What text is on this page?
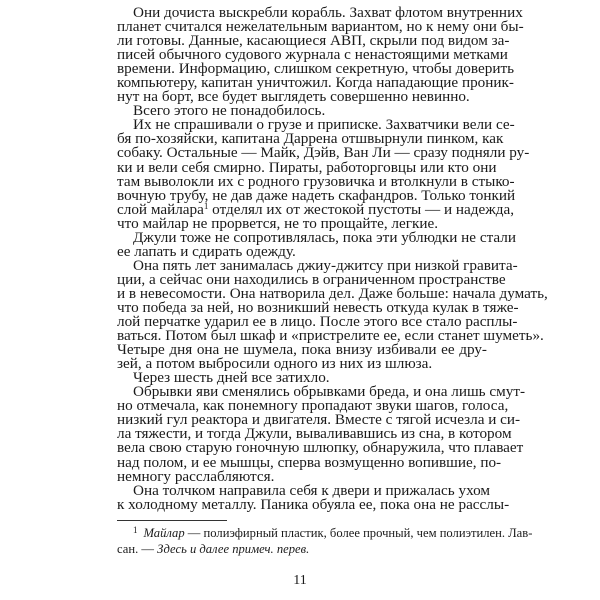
Они дочиста выскребли корабль. Захват флотом внутренних
планет считался нежелательным вариантом, но к нему они бы-
ли готовы. Данные, касающиеся АВП, скрыли под видом за-
писей обычного судового журнала с ненастоящими метками
времени. Информацию, слишком секретную, чтобы доверить
компьютеру, капитан уничтожил. Когда нападающие проник-
нут на борт, все будет выглядеть совершенно невинно.
Всего этого не понадобилось.
Их не спрашивали о грузе и приписке. Захватчики вели се-
бя по-хозяйски, капитана Даррена отшвырнули пинком, как
собаку. Остальные — Майк, Дэйв, Ван Ли — сразу подняли ру-
ки и вели себя смирно. Пираты, работорговцы или кто они
там выволокли их с родного грузовичка и втолкнули в стыко-
вочную трубу, не дав даже надеть скафандров. Только тонкий
слой майлара$^1$ отделял их от жестокой пустоты — и надежда,
что майлар не прорвется, не то прощайте, легкие.
Джули тоже не сопротивлялась, пока эти ублюдки не стали
ее лапать и сдирать одежду.
Она пять лет занималась джиу-джитсу при низкой гравита-
ции, а сейчас они находились в ограниченном пространстве
и в невесомости. Она натворила дел. Даже больше: начала думать,
что победа за ней, но возникший невесть откуда кулак в тяже-
лой перчатке ударил ее в лицо. После этого все стало расплы-
ваться. Потом был шкаф и «пристрелите ее, если станет шуметь».
Четыре дня она не шумела, пока внизу избивали ее дру-
зей, а потом выбросили одного из них из шлюза.
Через шесть дней все затихло.
Обрывки яви сменялись обрывками бреда, и она лишь смут-
но отмечала, как понемногу пропадают звуки шагов, голоса,
низкий гул реактора и двигателя. Вместе с тягой исчезла и си-
ла тяжести, и тогда Джули, вываливавшись из сна, в котором
вела свою старую гоночную шлюпку, обнаружила, что плавает
над полом, и ее мышцы, сперва возмущенно вопившие, по-
немногу расслабляются.
Она толчком направила себя к двери и прижалась ухом
к холодному металлу. Паника обуяла ее, пока она не расслы-
$^1$ Майлар — полиэфирный пластик, более прочный, чем полиэтилен. Лав-
сан. — Здесь и далее примеч. перев.
11
